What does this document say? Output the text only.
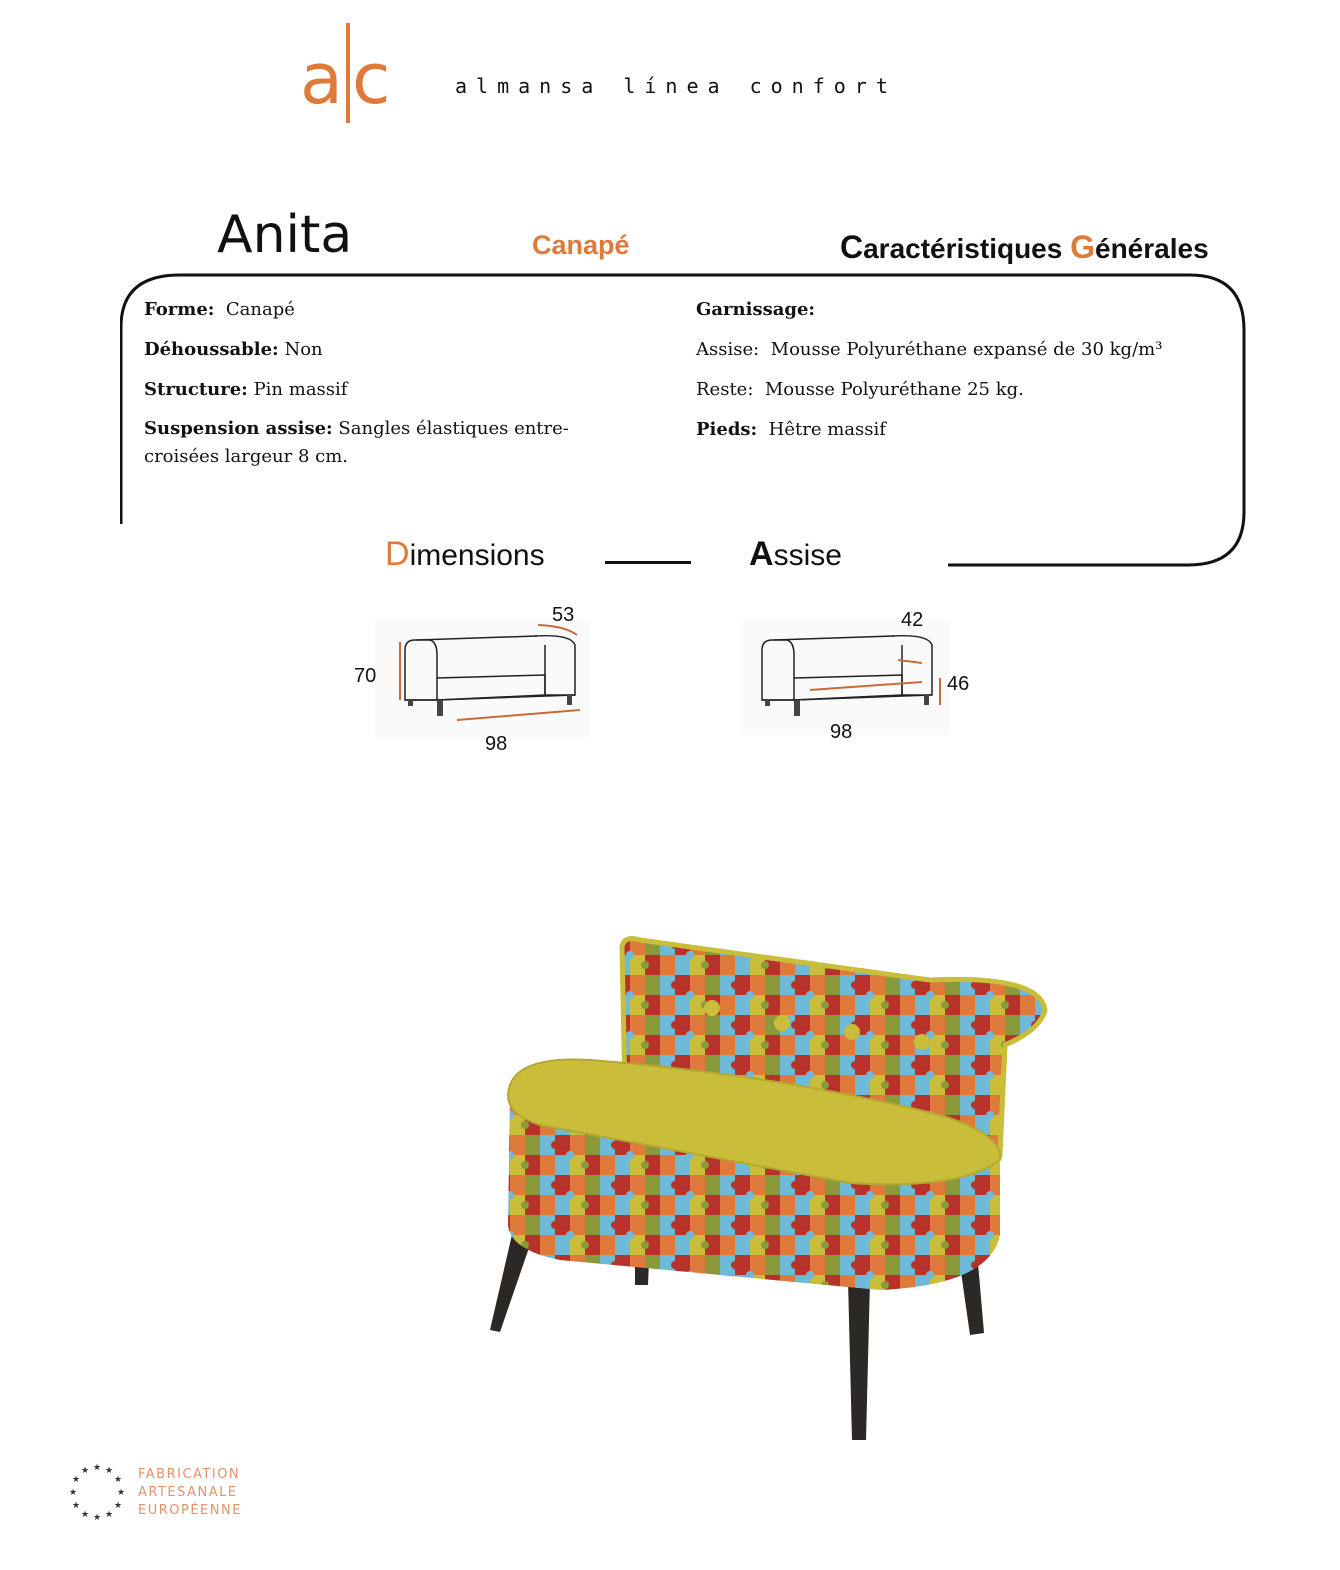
a c	almansa línea confort
Anita	Canapé	Caractéristiques Générales
Forme: Canapé
Déhoussable: Non
Structure: Pin massif
Suspension assise: Sangles élastiques entre-croisées largeur 8 cm.
Garnissage:
Assise: Mousse Polyuréthane expansé de 30 kg/m³
Reste: Mousse Polyuréthane 25 kg.
Pieds: Hêtre massif
Dimensions	Assise
70
53
98
42
46
98
★ ★
★
★
★
★
★
★
★
★
★
★	FABRICATION
ARTESANALE
EUROPÉENNE
